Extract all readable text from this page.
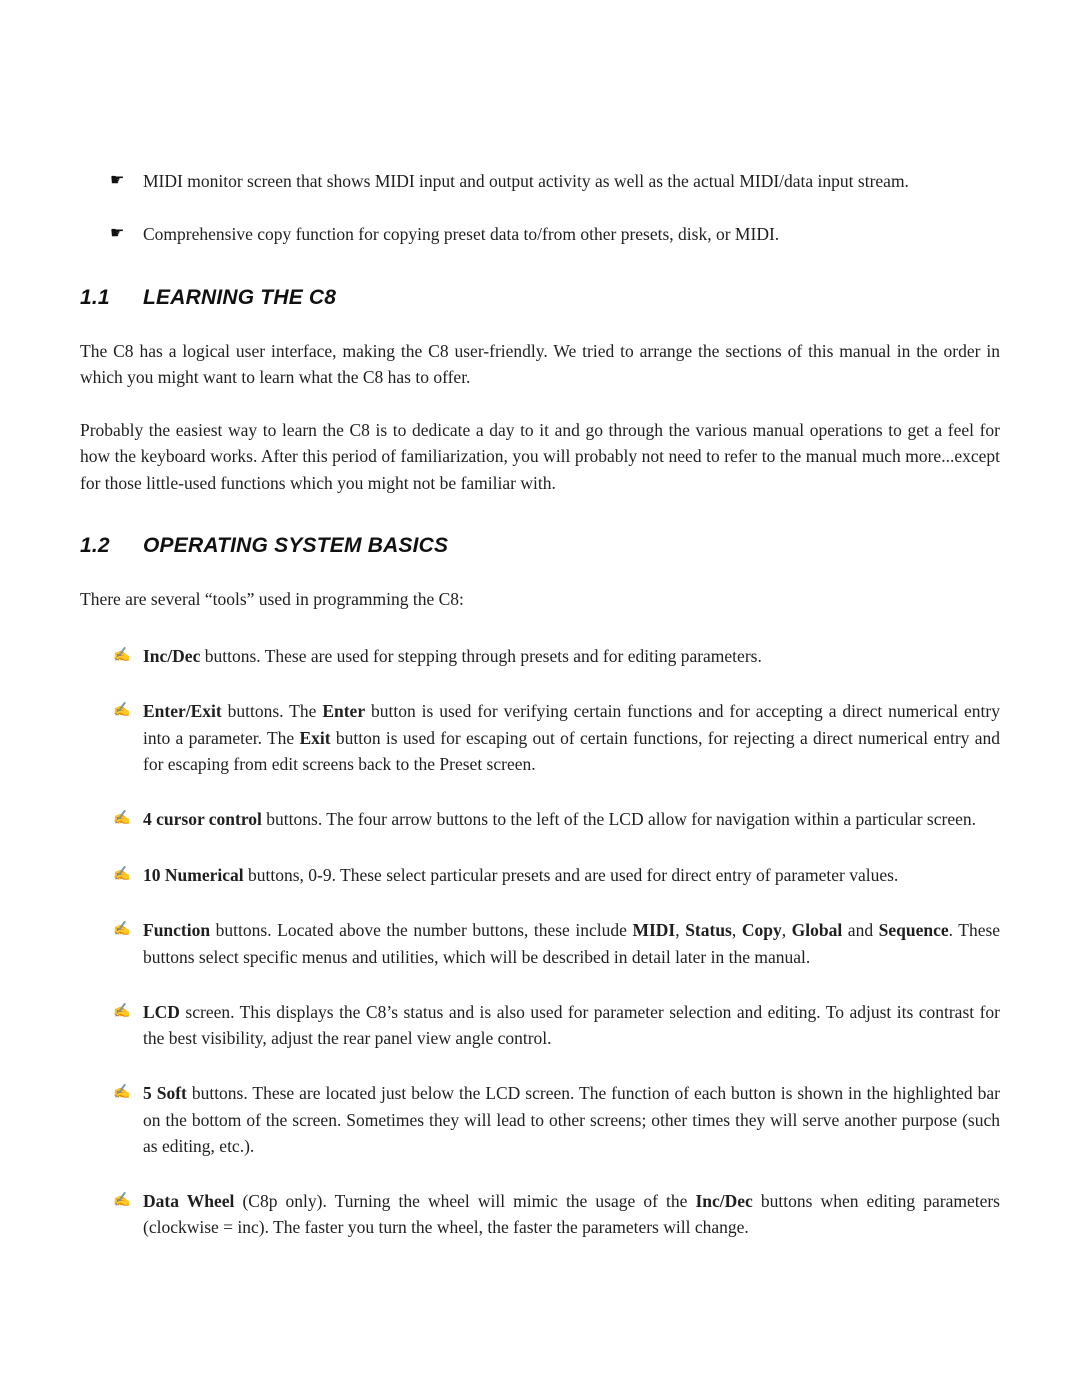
☛	MIDI monitor screen that shows MIDI input and output activity as well as the actual MIDI/data input stream.
☛	Comprehensive copy function for copying preset data to/from other presets, disk, or MIDI.
1.1	LEARNING THE C8

The C8 has a logical user interface, making the C8 user-friendly. We tried to arrange the sections of this manual in the order in which you might want to learn what the C8 has to offer.

Probably the easiest way to learn the C8 is to dedicate a day to it and go through the various manual operations to get a feel for how the keyboard works. After this period of familiarization, you will probably not need to refer to the manual much more...except for those little-used functions which you might not be familiar with.

1.2	OPERATING SYSTEM BASICS

There are several “tools” used in programming the C8:

✍ Inc/Dec buttons. These are used for stepping through presets and for editing parameters.
✍ Enter/Exit buttons. The Enter button is used for verifying certain functions and for accepting a direct numerical entry into a parameter. The Exit button is used for escaping out of certain functions, for rejecting a direct numerical entry and for escaping from edit screens back to the Preset screen.
✍ 4 cursor control buttons. The four arrow buttons to the left of the LCD allow for navigation within a particular screen.
✍ 10 Numerical buttons, 0-9. These select particular presets and are used for direct entry of parameter values.
✍ Function buttons. Located above the number buttons, these include MIDI, Status, Copy, Global and Sequence. These buttons select specific menus and utilities, which will be described in detail later in the manual.
✍ LCD screen. This displays the C8’s status and is also used for parameter selection and editing. To adjust its contrast for the best visibility, adjust the rear panel view angle control.
✍ 5 Soft buttons. These are located just below the LCD screen. The function of each button is shown in the highlighted bar on the bottom of the screen. Sometimes they will lead to other screens; other times they will serve another purpose (such as editing, etc.).
✍ Data Wheel (C8p only). Turning the wheel will mimic the usage of the Inc/Dec buttons when editing parameters (clockwise = inc). The faster you turn the wheel, the faster the parameters will change.
